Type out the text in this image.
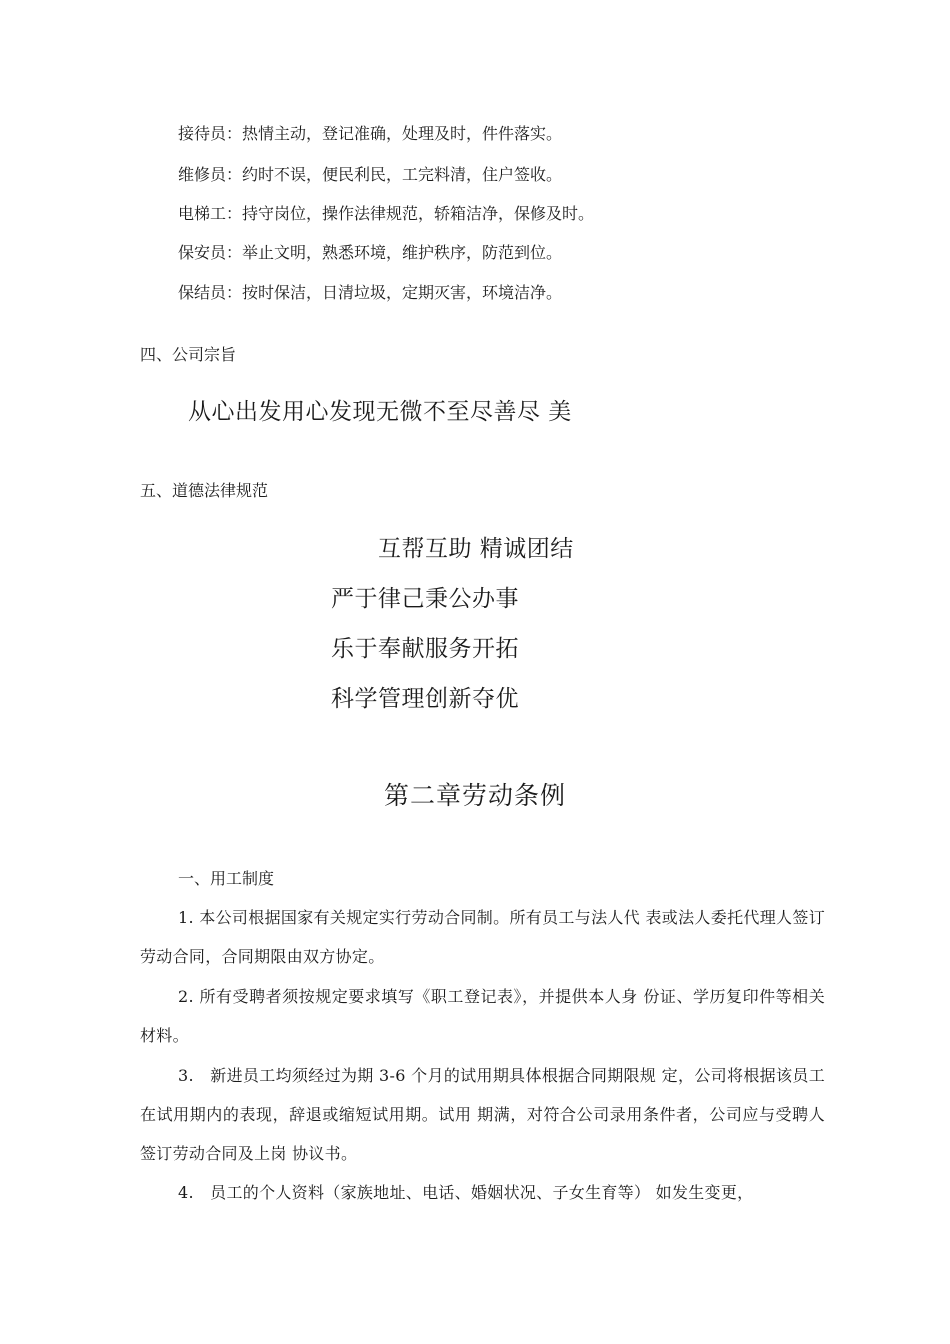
接待员：热情主动，登记准确，处理及时，件件落实。
维修员：约时不误，便民利民，工完料清，住户签收。
电梯工：持守岗位，操作法律规范，轿箱洁净，保修及时。
保安员：举止文明，熟悉环境，维护秩序，防范到位。
保结员：按时保洁，日清垃圾，定期灭害，环境洁净。
四、公司宗旨
从心出发用心发现无微不至尽善尽 美
五、道德法律规范
互帮互助 精诚团结
严于律己秉公办事
乐于奉献服务开拓
科学管理创新夺优
第二章劳动条例
一、用工制度
1. 本公司根据国家有关规定实行劳动合同制。所有员工与法人代 表或法人委托代理人签订劳动合同，合同期限由双方协定。
2. 所有受聘者须按规定要求填写《职工登记表》，并提供本人身 份证、学历复印件等相关材料。
3.　新进员工均须经过为期 3-6 个月的试用期具体根据合同期限规 定，公司将根据该员工在试用期内的表现，辞退或缩短试用期。试用 期满，对符合公司录用条件者，公司应与受聘人签订劳动合同及上岗 协议书。
4.　员工的个人资料（家族地址、电话、婚姻状况、子女生育等） 如发生变更，
